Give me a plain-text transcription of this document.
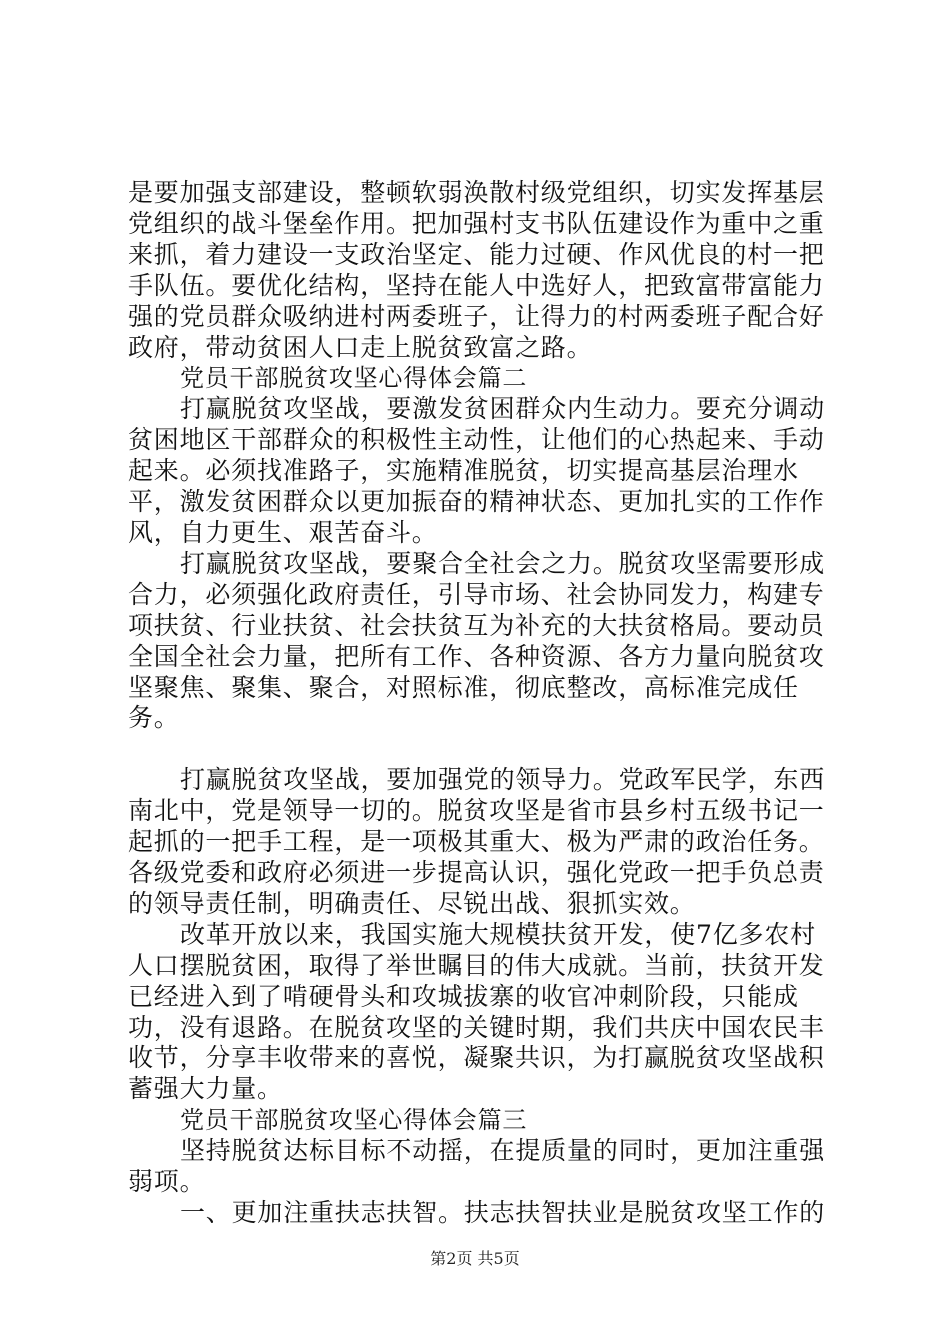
是要加强支部建设，整顿软弱涣散村级党组织，切实发挥基层党组织的战斗堡垒作用。把加强村支书队伍建设作为重中之重来抓，着力建设一支政治坚定、能力过硬、作风优良的村一把手队伍。要优化结构，坚持在能人中选好人，把致富带富能力强的党员群众吸纳进村两委班子，让得力的村两委班子配合好政府，带动贫困人口走上脱贫致富之路。

党员干部脱贫攻坚心得体会篇二

打赢脱贫攻坚战，要激发贫困群众内生动力。要充分调动贫困地区干部群众的积极性主动性，让他们的心热起来、手动起来。必须找准路子，实施精准脱贫，切实提高基层治理水平，激发贫困群众以更加振奋的精神状态、更加扎实的工作作风，自力更生、艰苦奋斗。

打赢脱贫攻坚战，要聚合全社会之力。脱贫攻坚需要形成合力，必须强化政府责任，引导市场、社会协同发力，构建专项扶贫、行业扶贫、社会扶贫互为补充的大扶贫格局。要动员全国全社会力量，把所有工作、各种资源、各方力量向脱贫攻坚聚焦、聚集、聚合，对照标准，彻底整改，高标准完成任务。

打赢脱贫攻坚战，要加强党的领导力。党政军民学，东西南北中，党是领导一切的。脱贫攻坚是省市县乡村五级书记一起抓的一把手工程，是一项极其重大、极为严肃的政治任务。各级党委和政府必须进一步提高认识，强化党政一把手负总责的领导责任制，明确责任、尽锐出战、狠抓实效。

改革开放以来，我国实施大规模扶贫开发，使7亿多农村人口摆脱贫困，取得了举世瞩目的伟大成就。当前，扶贫开发已经进入到了啃硬骨头和攻城拔寨的收官冲刺阶段，只能成功，没有退路。在脱贫攻坚的关键时期，我们共庆中国农民丰收节，分享丰收带来的喜悦，凝聚共识，为打赢脱贫攻坚战积蓄强大力量。

党员干部脱贫攻坚心得体会篇三

坚持脱贫达标目标不动摇，在提质量的同时，更加注重强弱项。

一、更加注重扶志扶智。扶志扶智扶业是脱贫攻坚工作的

第2页 共5页
